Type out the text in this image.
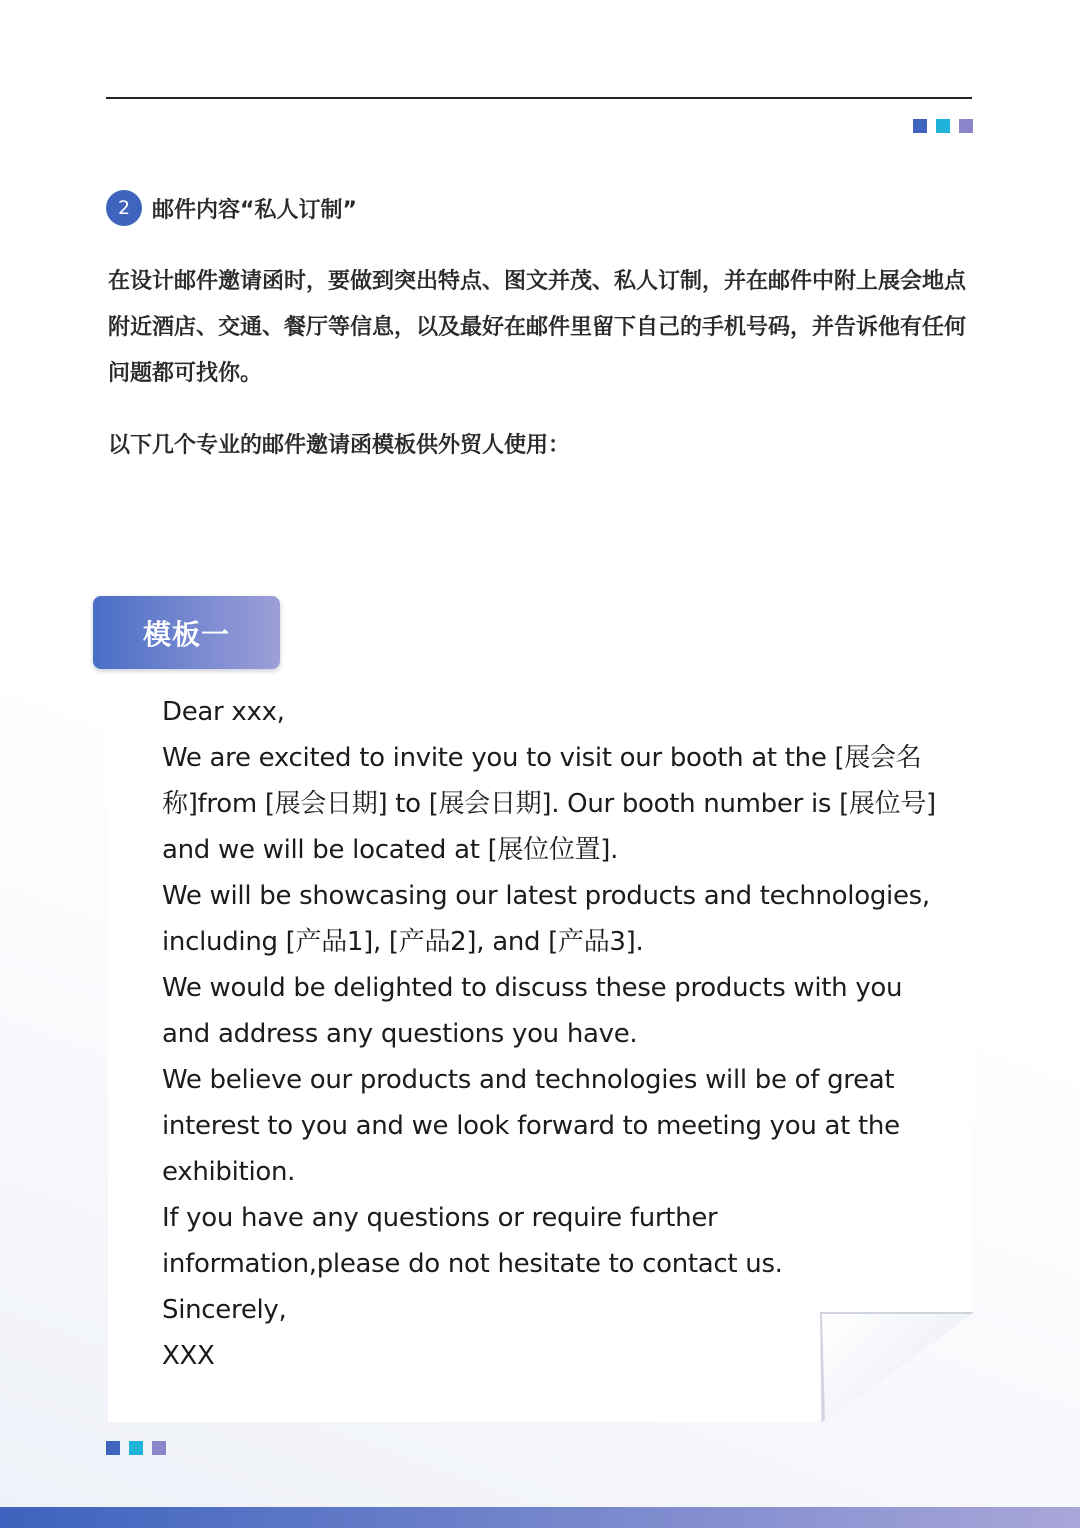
2 邮件内容“私人订制”

在设计邮件邀请函时，要做到突出特点、图文并茂、私人订制，并在邮件中附上展会地点附近酒店、交通、餐厅等信息，以及最好在邮件里留下自己的手机号码，并告诉他有任何问题都可找你。

以下几个专业的邮件邀请函模板供外贸人使用：

模板一

Dear xxx,

We are excited to invite you to visit our booth at the [展会名称]from [展会日期] to [展会日期]. Our booth number is [展位号] and we will be located at [展位位置].

We will be showcasing our latest products and technologies, including [产品1], [产品2], and [产品3].

We would be delighted to discuss these products with you and address any questions you have.

We believe our products and technologies will be of great interest to you and we look forward to meeting you at the exhibition.

If you have any questions or require further information,please do not hesitate to contact us.

Sincerely,

XXX
